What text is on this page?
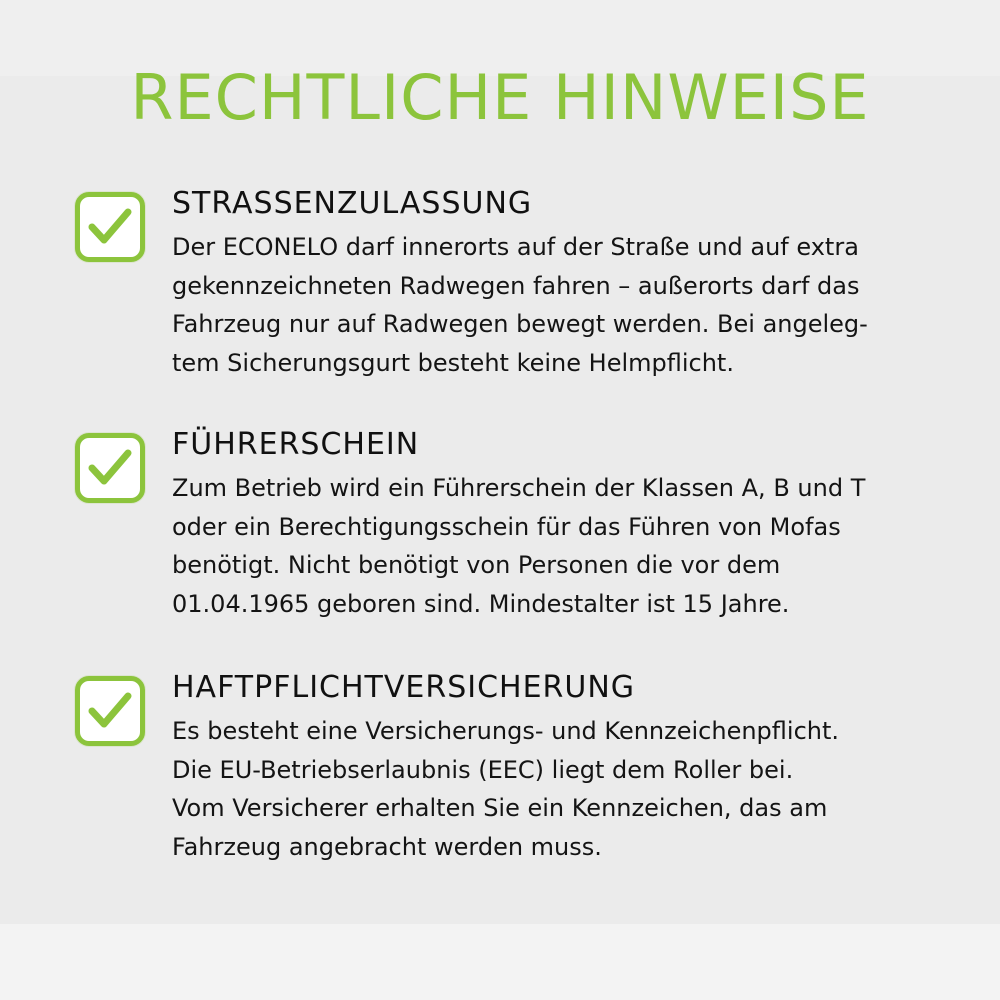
RECHTLICHE HINWEISE
STRASSENZULASSUNG

Der ECONELO darf innerorts auf der Straße und auf extra
gekennzeichneten Radwegen fahren – außerorts darf das
Fahrzeug nur auf Radwegen bewegt werden. Bei angeleg-
tem Sicherungsgurt besteht keine Helmpflicht.

FÜHRERSCHEIN

Zum Betrieb wird ein Führerschein der Klassen A, B und T
oder ein Berechtigungsschein für das Führen von Mofas
benötigt. Nicht benötigt von Personen die vor dem
01.04.1965 geboren sind. Mindestalter ist 15 Jahre.

HAFTPFLICHTVERSICHERUNG

Es besteht eine Versicherungs- und Kennzeichenpflicht.
Die EU-Betriebserlaubnis (EEC) liegt dem Roller bei.
Vom Versicherer erhalten Sie ein Kennzeichen, das am
Fahrzeug angebracht werden muss.
